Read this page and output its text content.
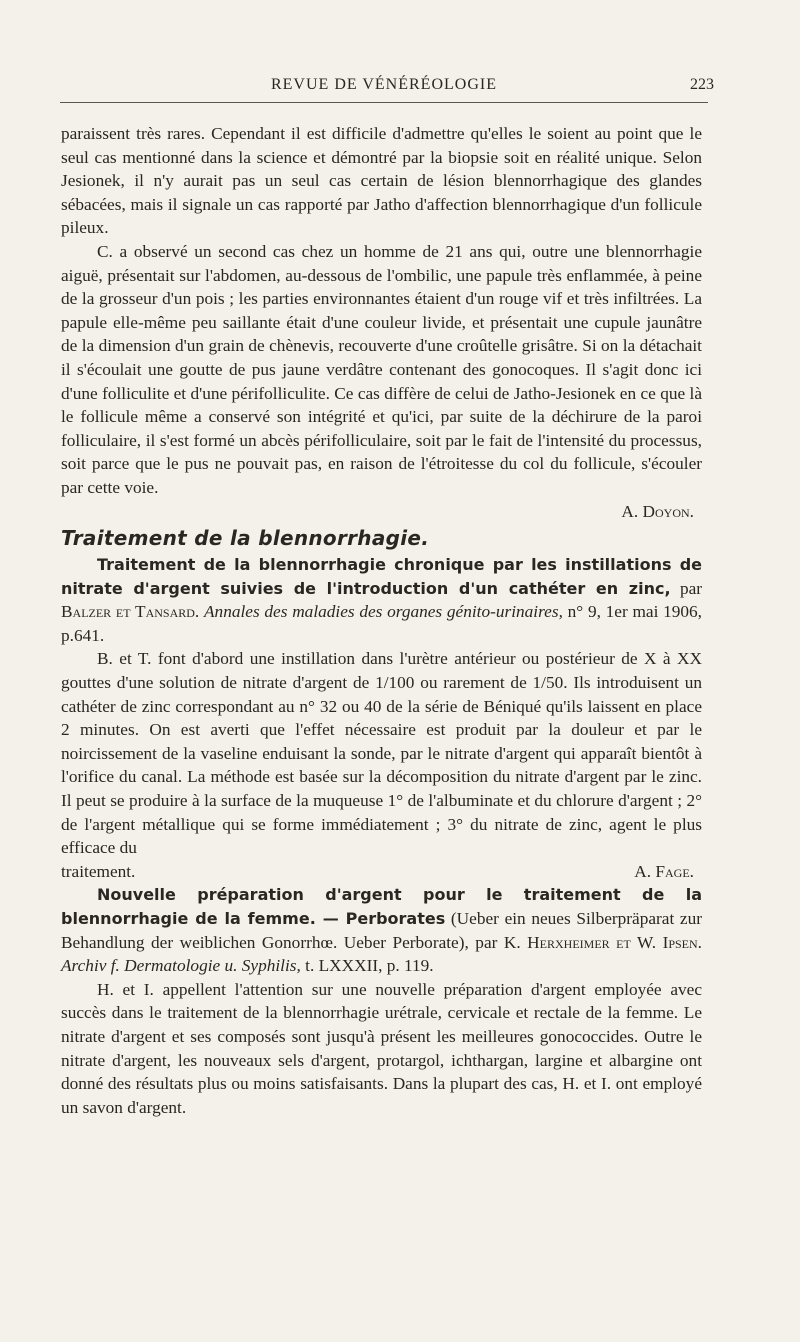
REVUE DE VÉNÉRÉOLOGIE	223

paraissent très rares. Cependant il est difficile d'admettre qu'elles le soient au point que le seul cas mentionné dans la science et démontré par la biopsie soit en réalité unique. Selon Jesionek, il n'y aurait pas un seul cas certain de lésion blennorrhagique des glandes sébacées, mais il signale un cas rapporté par Jatho d'affection blennorrhagique d'un follicule pileux.

C. a observé un second cas chez un homme de 21 ans qui, outre une blennorrhagie aiguë, présentait sur l'abdomen, au-dessous de l'ombilic, une papule très enflammée, à peine de la grosseur d'un pois ; les parties environnantes étaient d'un rouge vif et très infiltrées. La papule elle-même peu saillante était d'une couleur livide, et présentait une cupule jaunâtre de la dimension d'un grain de chènevis, recouverte d'une croûtelle grisâtre. Si on la détachait il s'écoulait une goutte de pus jaune verdâtre contenant des gonocoques. Il s'agit donc ici d'une folliculite et d'une périfolliculite. Ce cas diffère de celui de Jatho-Jesionek en ce que là le follicule même a conservé son intégrité et qu'ici, par suite de la déchirure de la paroi folliculaire, il s'est formé un abcès périfolliculaire, soit par le fait de l'intensité du processus, soit parce que le pus ne pouvait pas, en raison de l'étroitesse du col du follicule, s'écouler par cette voie.

A. Doyon.

Traitement de la blennorrhagie.

Traitement de la blennorrhagie chronique par les instillations de nitrate d'argent suivies de l'introduction d'un cathéter en zinc, par Balzer et Tansard. Annales des maladies des organes génito-urinaires, n° 9, 1er mai 1906, p.641.

B. et T. font d'abord une instillation dans l'urètre antérieur ou postérieur de X à XX gouttes d'une solution de nitrate d'argent de 1/100 ou rarement de 1/50. Ils introduisent un cathéter de zinc correspondant au n° 32 ou 40 de la série de Béniqué qu'ils laissent en place 2 minutes. On est averti que l'effet nécessaire est produit par la douleur et par le noircissement de la vaseline enduisant la sonde, par le nitrate d'argent qui apparaît bientôt à l'orifice du canal. La méthode est basée sur la décomposition du nitrate d'argent par le zinc. Il peut se produire à la surface de la muqueuse 1° de l'albuminate et du chlorure d'argent ; 2° de l'argent métallique qui se forme immédiatement ; 3° du nitrate de zinc, agent le plus efficace du

traitement.	A. Fage.

Nouvelle préparation d'argent pour le traitement de la blennorrhagie de la femme. — Perborates (Ueber ein neues Silberpräparat zur Behandlung der weiblichen Gonorrhœ. Ueber Perborate), par K. Herxheimer et W. Ipsen. Archiv f. Dermatologie u. Syphilis, t. LXXXII, p. 119.

H. et I. appellent l'attention sur une nouvelle préparation d'argent employée avec succès dans le traitement de la blennorrhagie urétrale, cervicale et rectale de la femme. Le nitrate d'argent et ses composés sont jusqu'à présent les meilleures gonococcides. Outre le nitrate d'argent, les nouveaux sels d'argent, protargol, ichthargan, largine et albargine ont donné des résultats plus ou moins satisfaisants. Dans la plupart des cas, H. et I. ont employé un savon d'argent.
